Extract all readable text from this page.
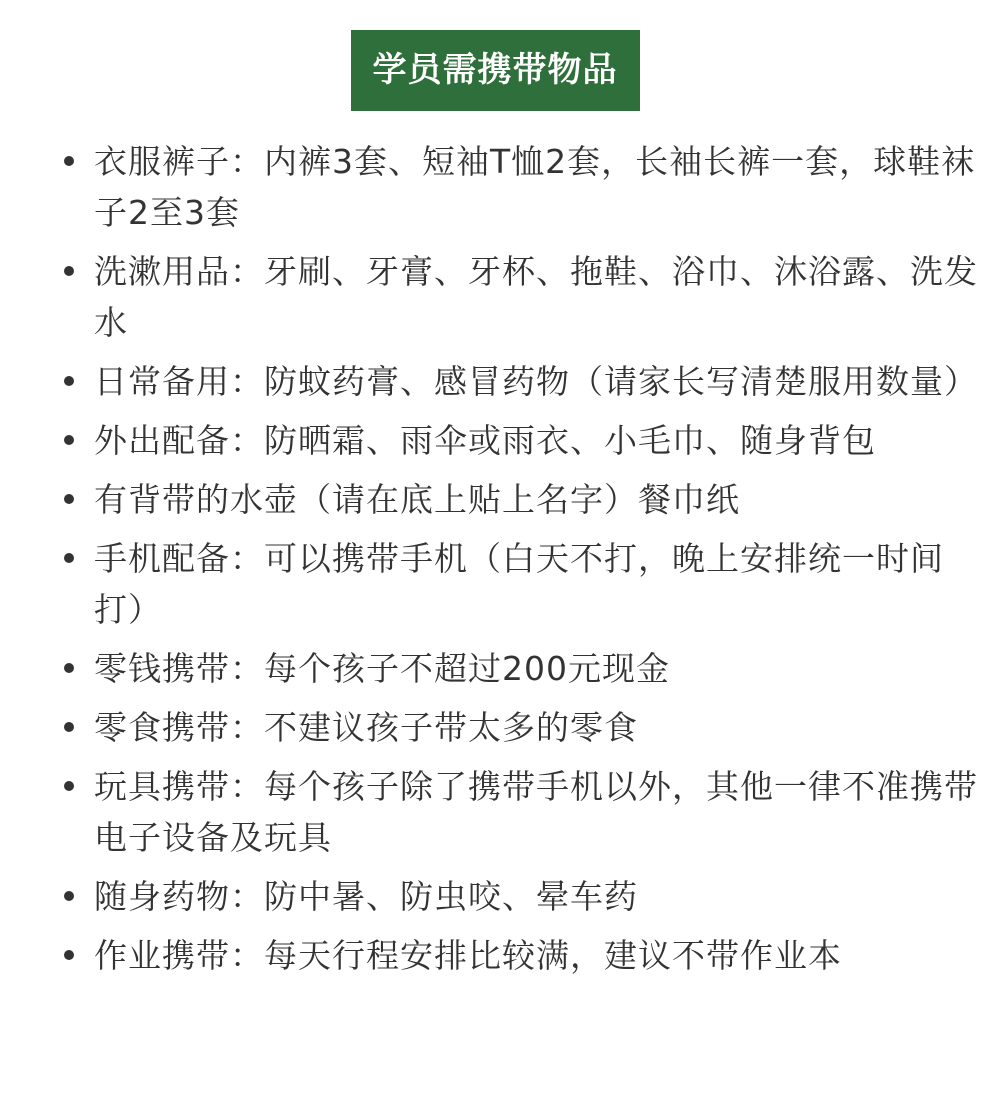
学员需携带物品
衣服裤子：内裤3套、短袖T恤2套，长袖长裤一套，球鞋袜子2至3套
洗漱用品：牙刷、牙膏、牙杯、拖鞋、浴巾、沐浴露、洗发水
日常备用：防蚊药膏、感冒药物（请家长写清楚服用数量）
外出配备：防晒霜、雨伞或雨衣、小毛巾、随身背包
有背带的水壶（请在底上贴上名字）餐巾纸
手机配备：可以携带手机（白天不打，晚上安排统一时间打）
零钱携带：每个孩子不超过200元现金
零食携带：不建议孩子带太多的零食
玩具携带：每个孩子除了携带手机以外，其他一律不准携带电子设备及玩具
随身药物：防中暑、防虫咬、晕车药
作业携带：每天行程安排比较满，建议不带作业本
